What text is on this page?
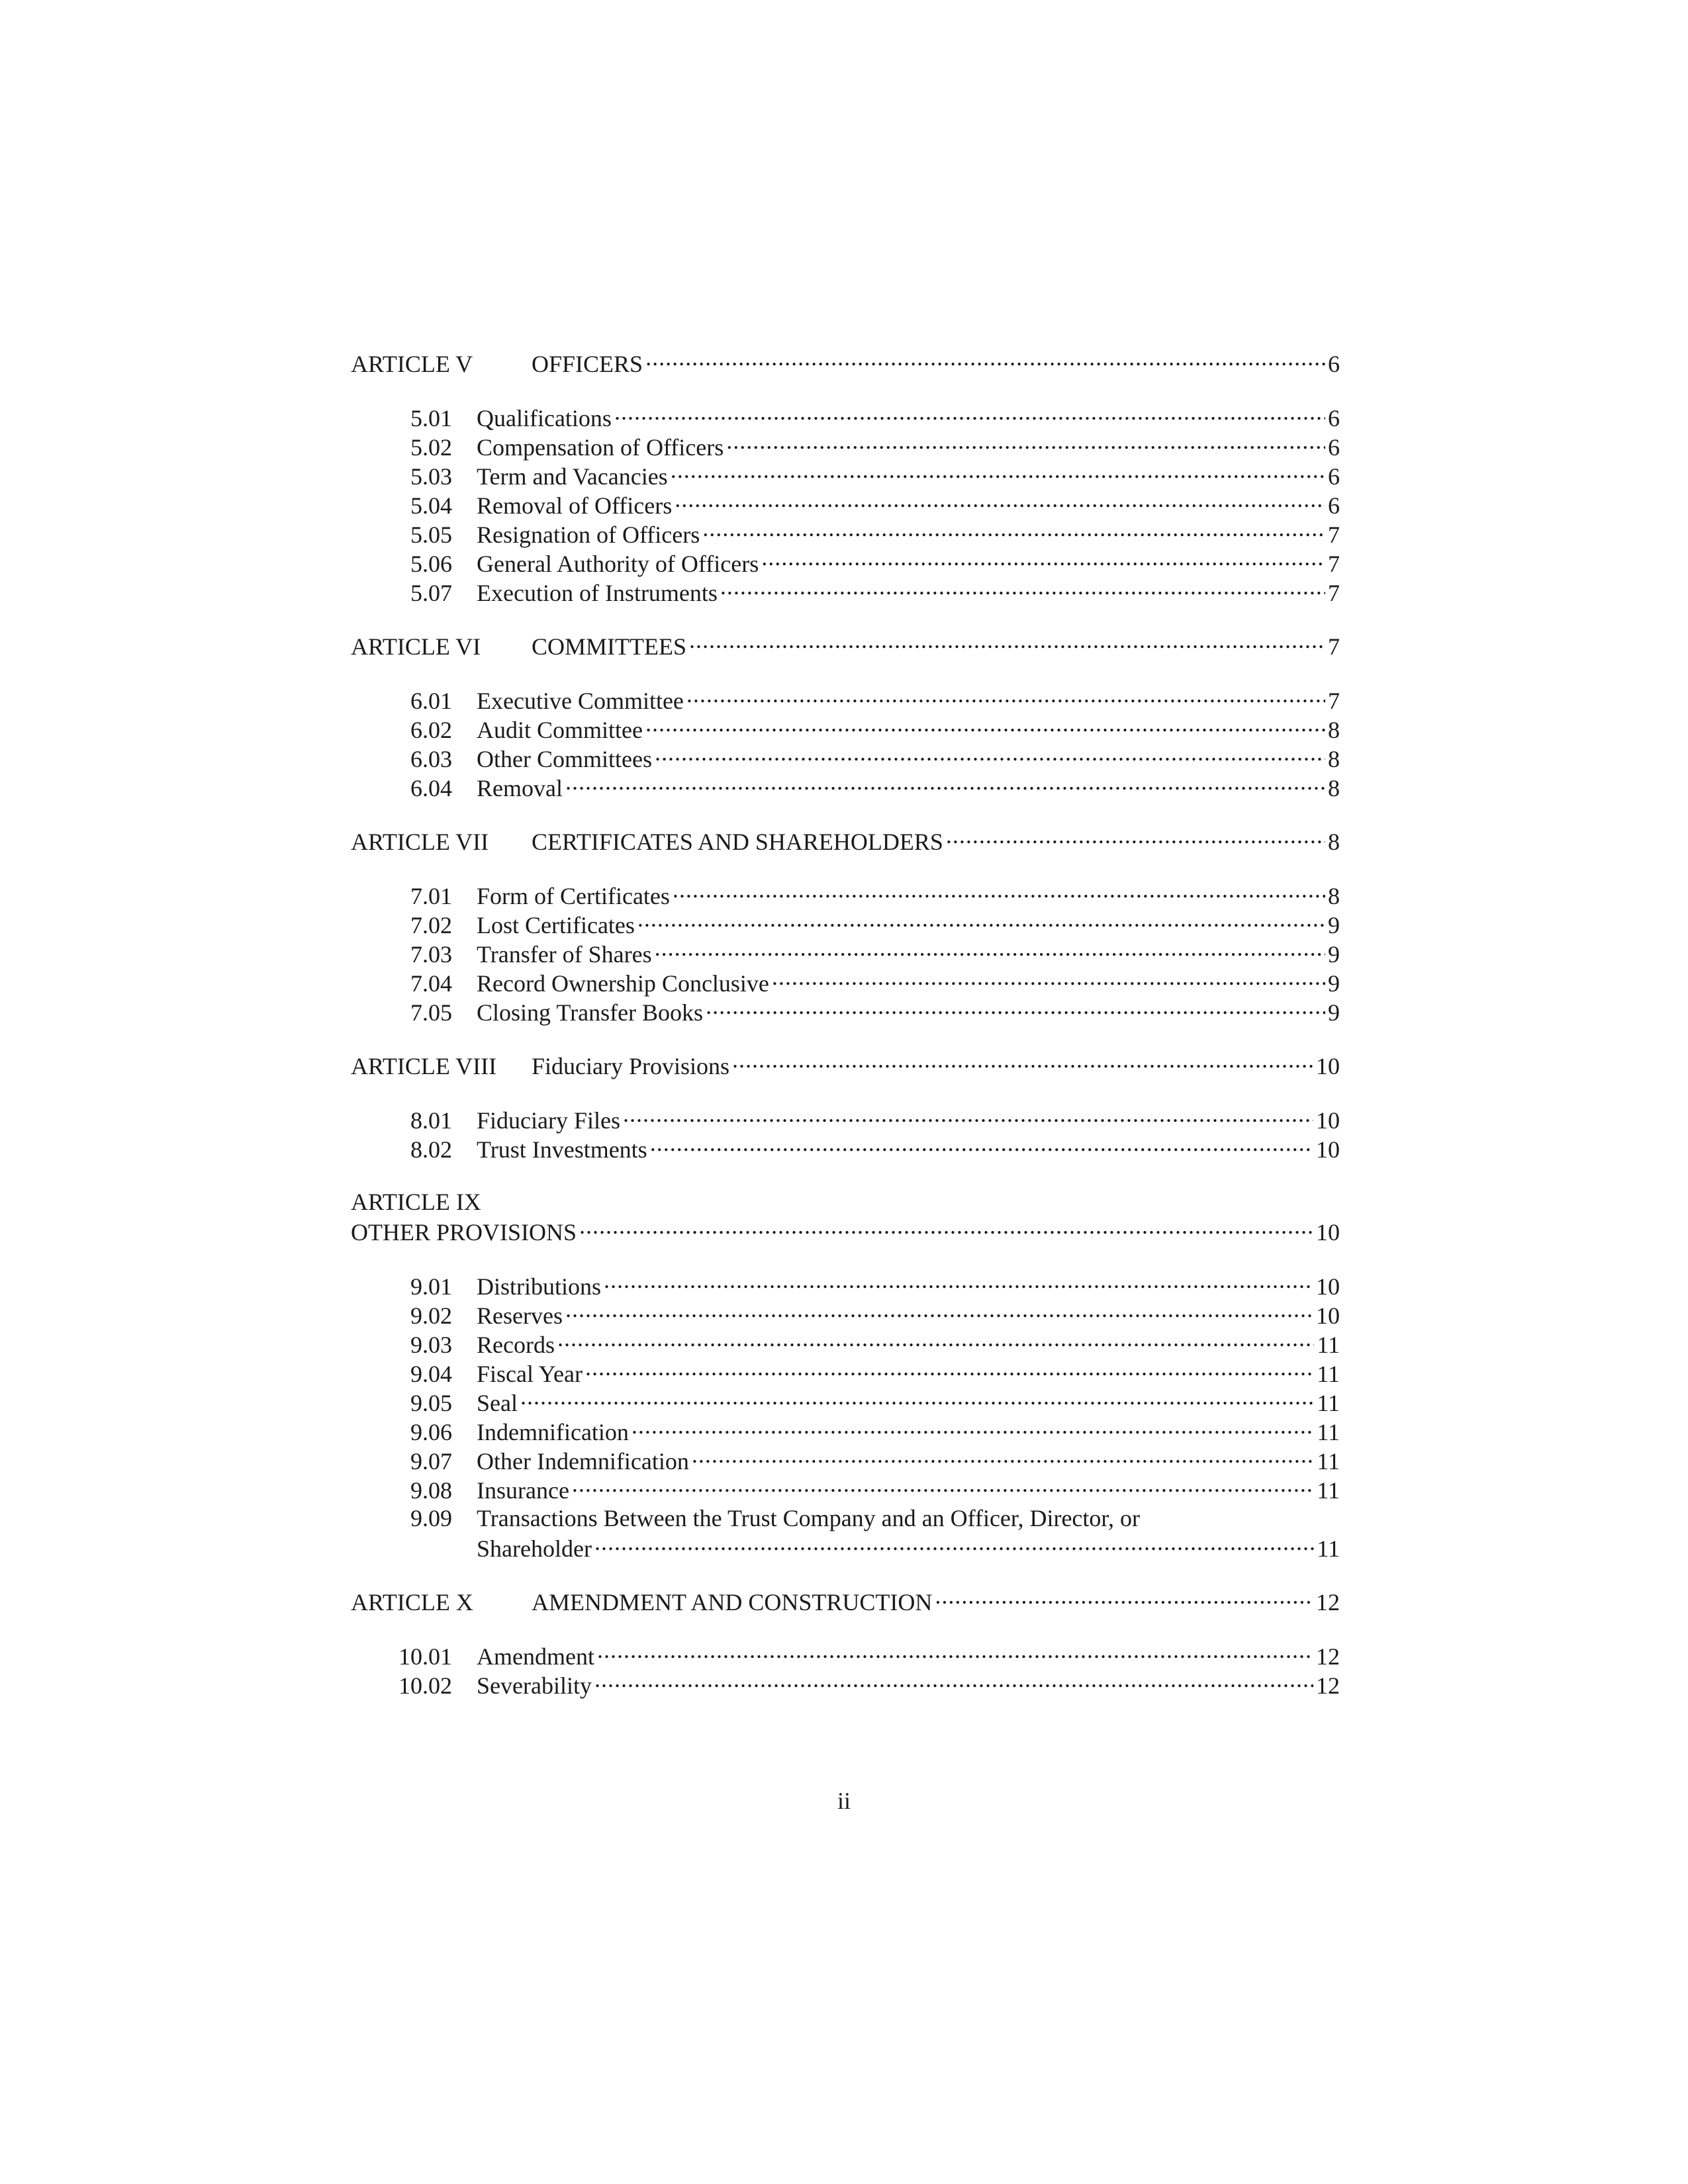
ARTICLE V	OFFICERS .....	6
5.01	Qualifications .....	6
5.02	Compensation of Officers .....	6
5.03	Term and Vacancies .....	6
5.04	Removal of Officers .....	6
5.05	Resignation of Officers .....	7
5.06	General Authority of Officers .....	7
5.07	Execution of Instruments .....	7
ARTICLE VI	COMMITTEES .....	7
6.01	Executive Committee .....	7
6.02	Audit Committee .....	8
6.03	Other Committees .....	8
6.04	Removal .....	8
ARTICLE VII	CERTIFICATES AND SHAREHOLDERS .....	8
7.01	Form of Certificates .....	8
7.02	Lost Certificates .....	9
7.03	Transfer of Shares .....	9
7.04	Record Ownership Conclusive .....	9
7.05	Closing Transfer Books .....	9
ARTICLE VIII	Fiduciary Provisions .....	10
8.01	Fiduciary Files .....	10
8.02	Trust Investments .....	10
ARTICLE IX
OTHER PROVISIONS .....	10
9.01	Distributions .....	10
9.02	Reserves .....	10
9.03	Records .....	11
9.04	Fiscal Year .....	11
9.05	Seal .....	11
9.06	Indemnification .....	11
9.07	Other Indemnification .....	11
9.08	Insurance .....	11
9.09	Transactions Between the Trust Company and an Officer, Director, or
Shareholder .....	11
ARTICLE X	AMENDMENT AND CONSTRUCTION .....	12
10.01	Amendment .....	12
10.02	Severability .....	12
ii
